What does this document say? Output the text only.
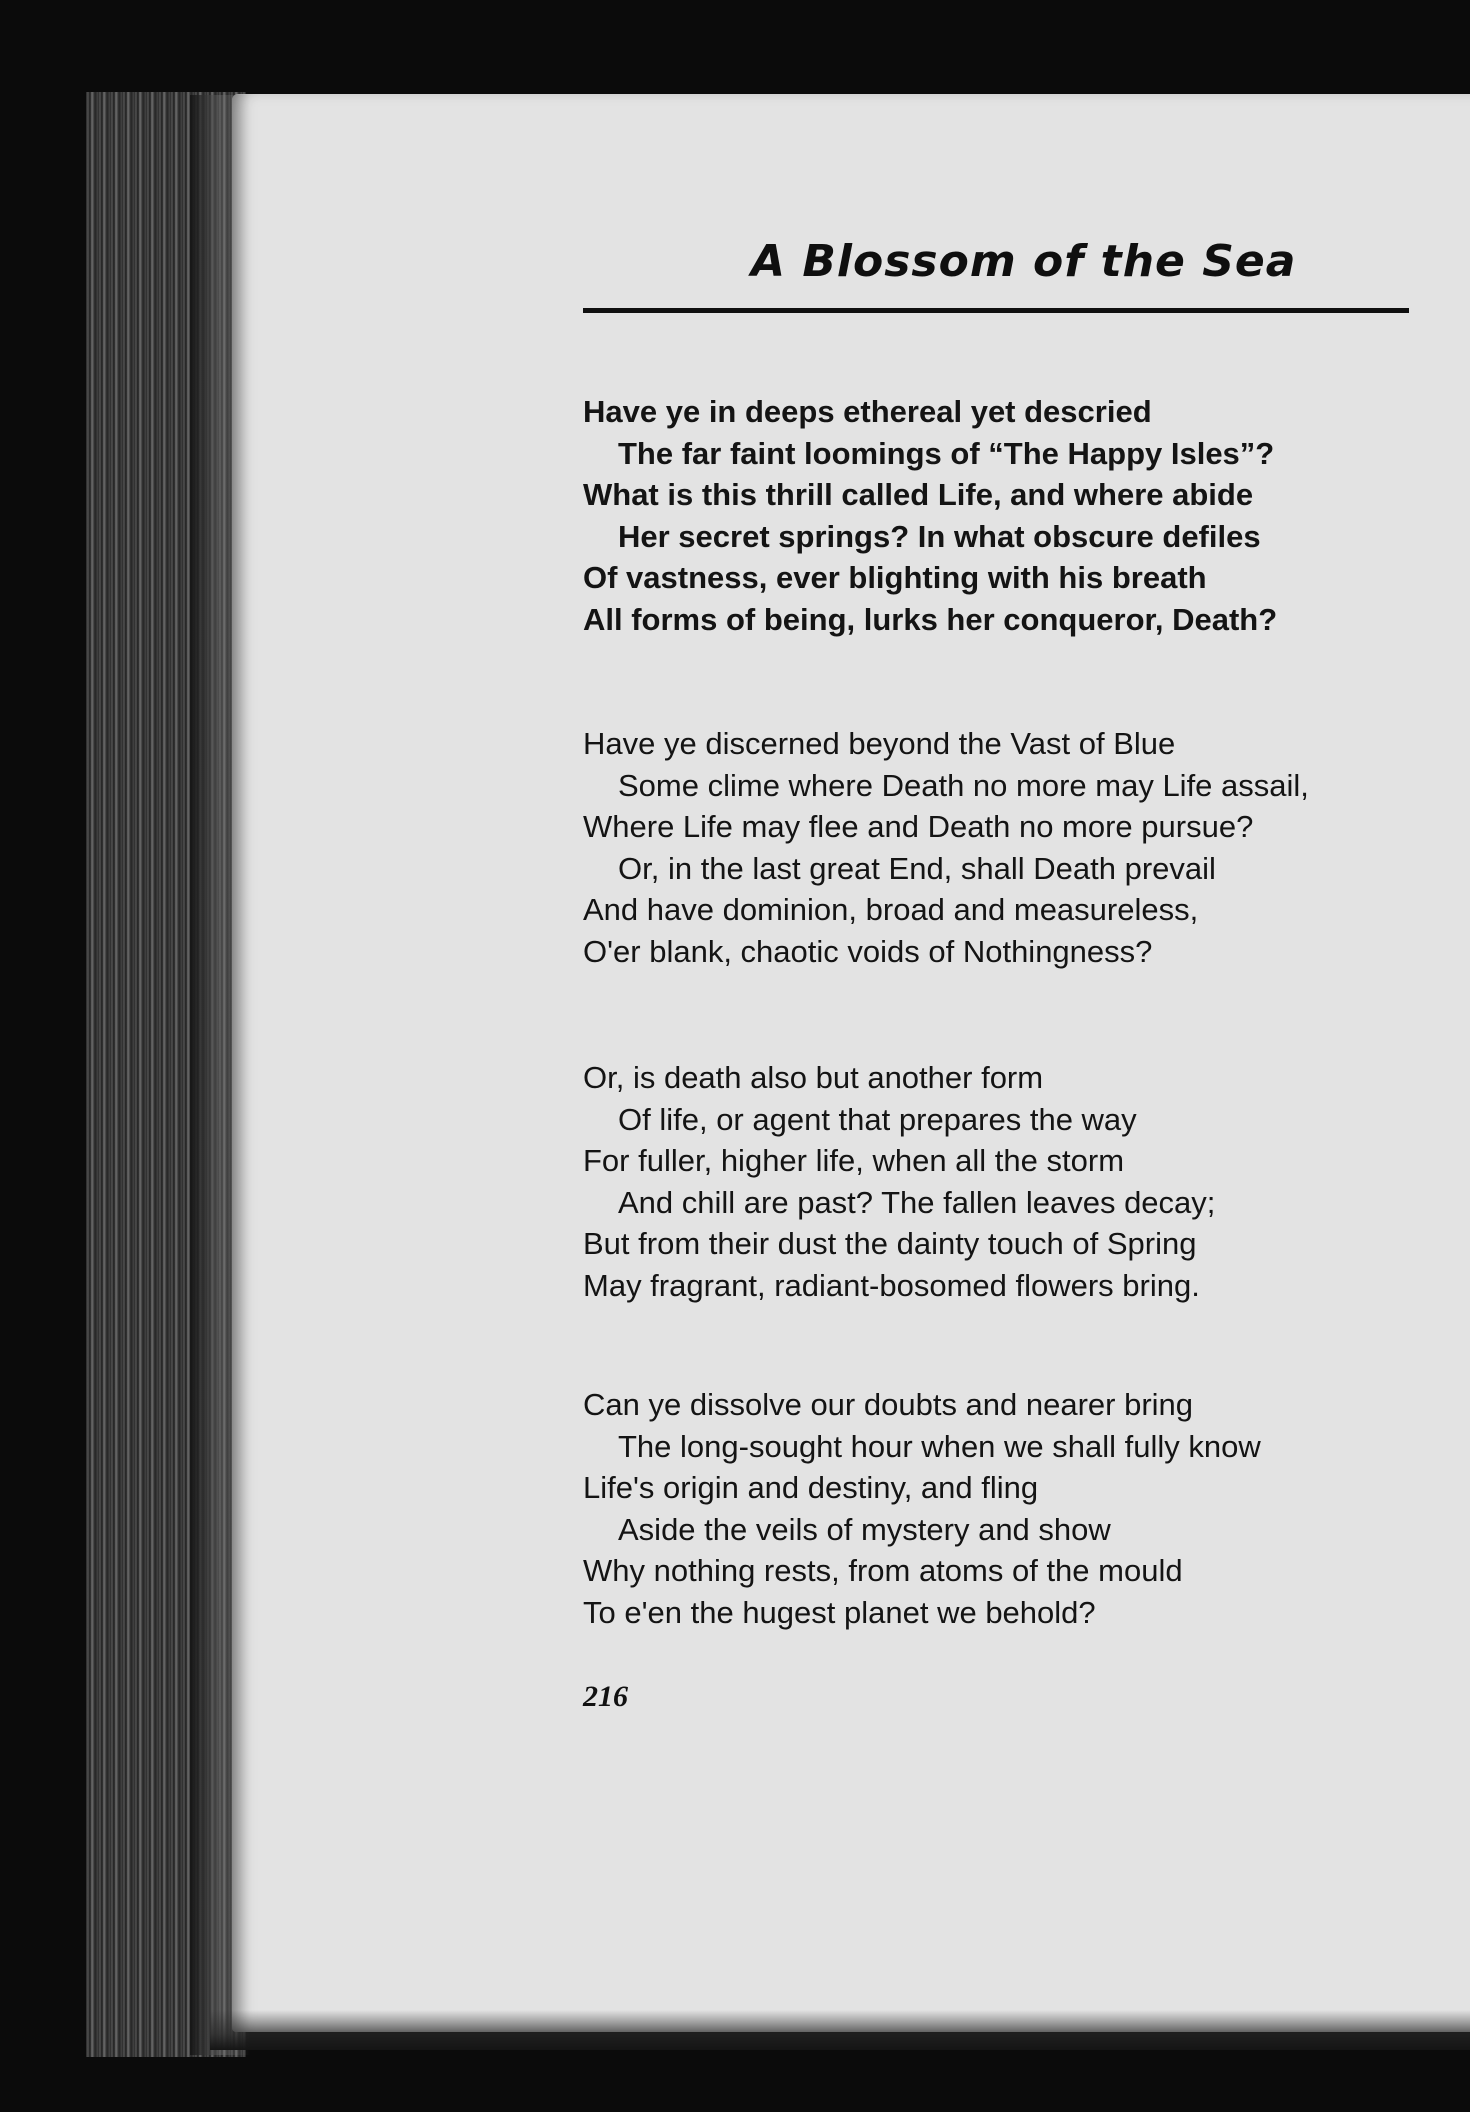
A Blossom of the Sea
Have ye in deeps ethereal yet descried
The far faint loomings of “The Happy Isles”?
What is this thrill called Life, and where abide
Her secret springs? In what obscure defiles
Of vastness, ever blighting with his breath
All forms of being, lurks her conqueror, Death?
Have ye discerned beyond the Vast of Blue
Some clime where Death no more may Life assail,
Where Life may flee and Death no more pursue?
Or, in the last great End, shall Death prevail
And have dominion, broad and measureless,
O'er blank, chaotic voids of Nothingness?
Or, is death also but another form
Of life, or agent that prepares the way
For fuller, higher life, when all the storm
And chill are past? The fallen leaves decay;
But from their dust the dainty touch of Spring
May fragrant, radiant-bosomed flowers bring.
Can ye dissolve our doubts and nearer bring
The long-sought hour when we shall fully know
Life's origin and destiny, and fling
Aside the veils of mystery and show
Why nothing rests, from atoms of the mould
To e'en the hugest planet we behold?
216
